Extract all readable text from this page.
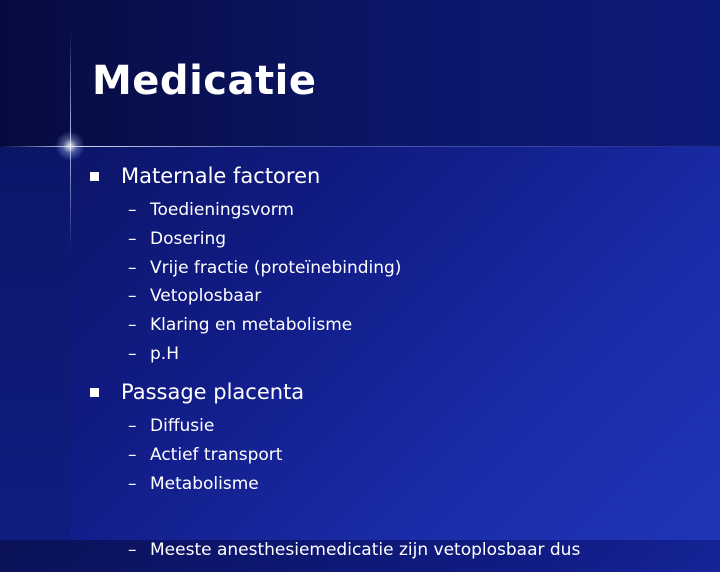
Medicatie
Maternale factoren
– Toedieningsvorm
– Dosering
– Vrije fractie (proteïnebinding)
– Vetoplosbaar
– Klaring en metabolisme
– p.H
Passage placenta
– Diffusie
– Actief transport
– Metabolisme
– Meeste anesthesiemedicatie zijn vetoplosbaar dus
